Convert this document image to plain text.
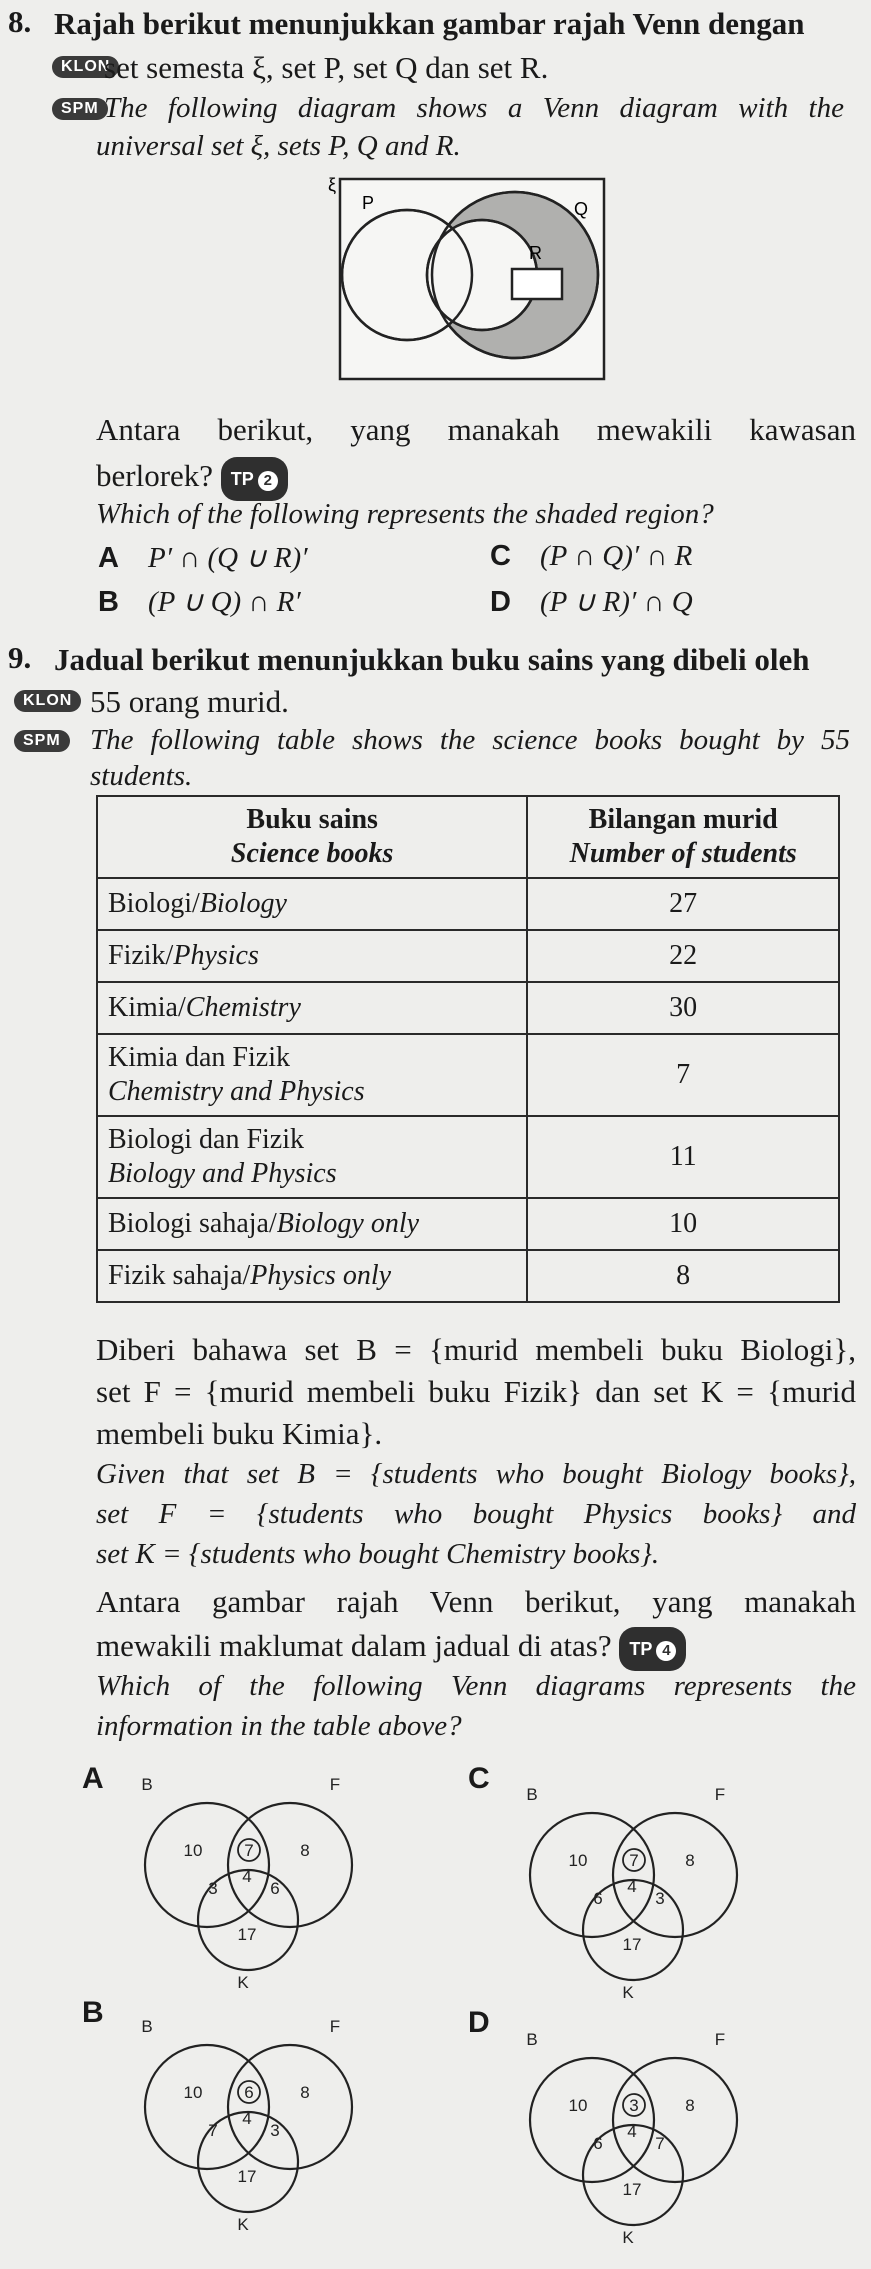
8. Rajah berikut menunjukkan gambar rajah Venn dengan
KLON
set semesta ξ, set P, set Q dan set R.
SPM The following diagram shows a Venn diagram with the
universal set ξ, sets P, Q and R.
ξ
P	Q
R
Antara berikut, yang manakah mewakili kawasan
berlorek? TP 2
Which of the following represents the shaded region?
A P′ ∩ (Q ∪ R)′	C (P ∩ Q)′ ∩ R
B (P ∪ Q) ∩ R′	D (P ∪ R)′ ∩ Q
9. Jadual berikut menunjukkan buku sains yang dibeli oleh
KLON 55 orang murid.
SPM	The following table shows the science books bought by 55
students.
Buku sains
Science books	Bilangan murid
Number of students
Biologi/Biology	27
Fizik/Physics	22
Kimia/Chemistry	30
Kimia dan Fizik
Chemistry and Physics	7
Biologi dan Fizik
Biology and Physics	11
Biologi sahaja/Biology only	10
Fizik sahaja/Physics only	8
Diberi bahawa set B = {murid membeli buku Biologi},
set F = {murid membeli buku Fizik} dan set K = {murid
membeli buku Kimia}.
Given that set B = {students who bought Biology books},
set F = {students who bought Physics books} and
set K = {students who bought Chemistry books}.
Antara gambar rajah Venn berikut, yang manakah
mewakili maklumat dalam jadual di atas? TP 4
Which of the following Venn diagrams represents the
information in the table above?
A B	F
K
10 7	8
3
4
6
17
C B	F
K
10 7	8
6
4
3
17
B B	F
K
10 6	8
7
4
3
17
D
B	F
K
10 3	8
6
4
7
17
